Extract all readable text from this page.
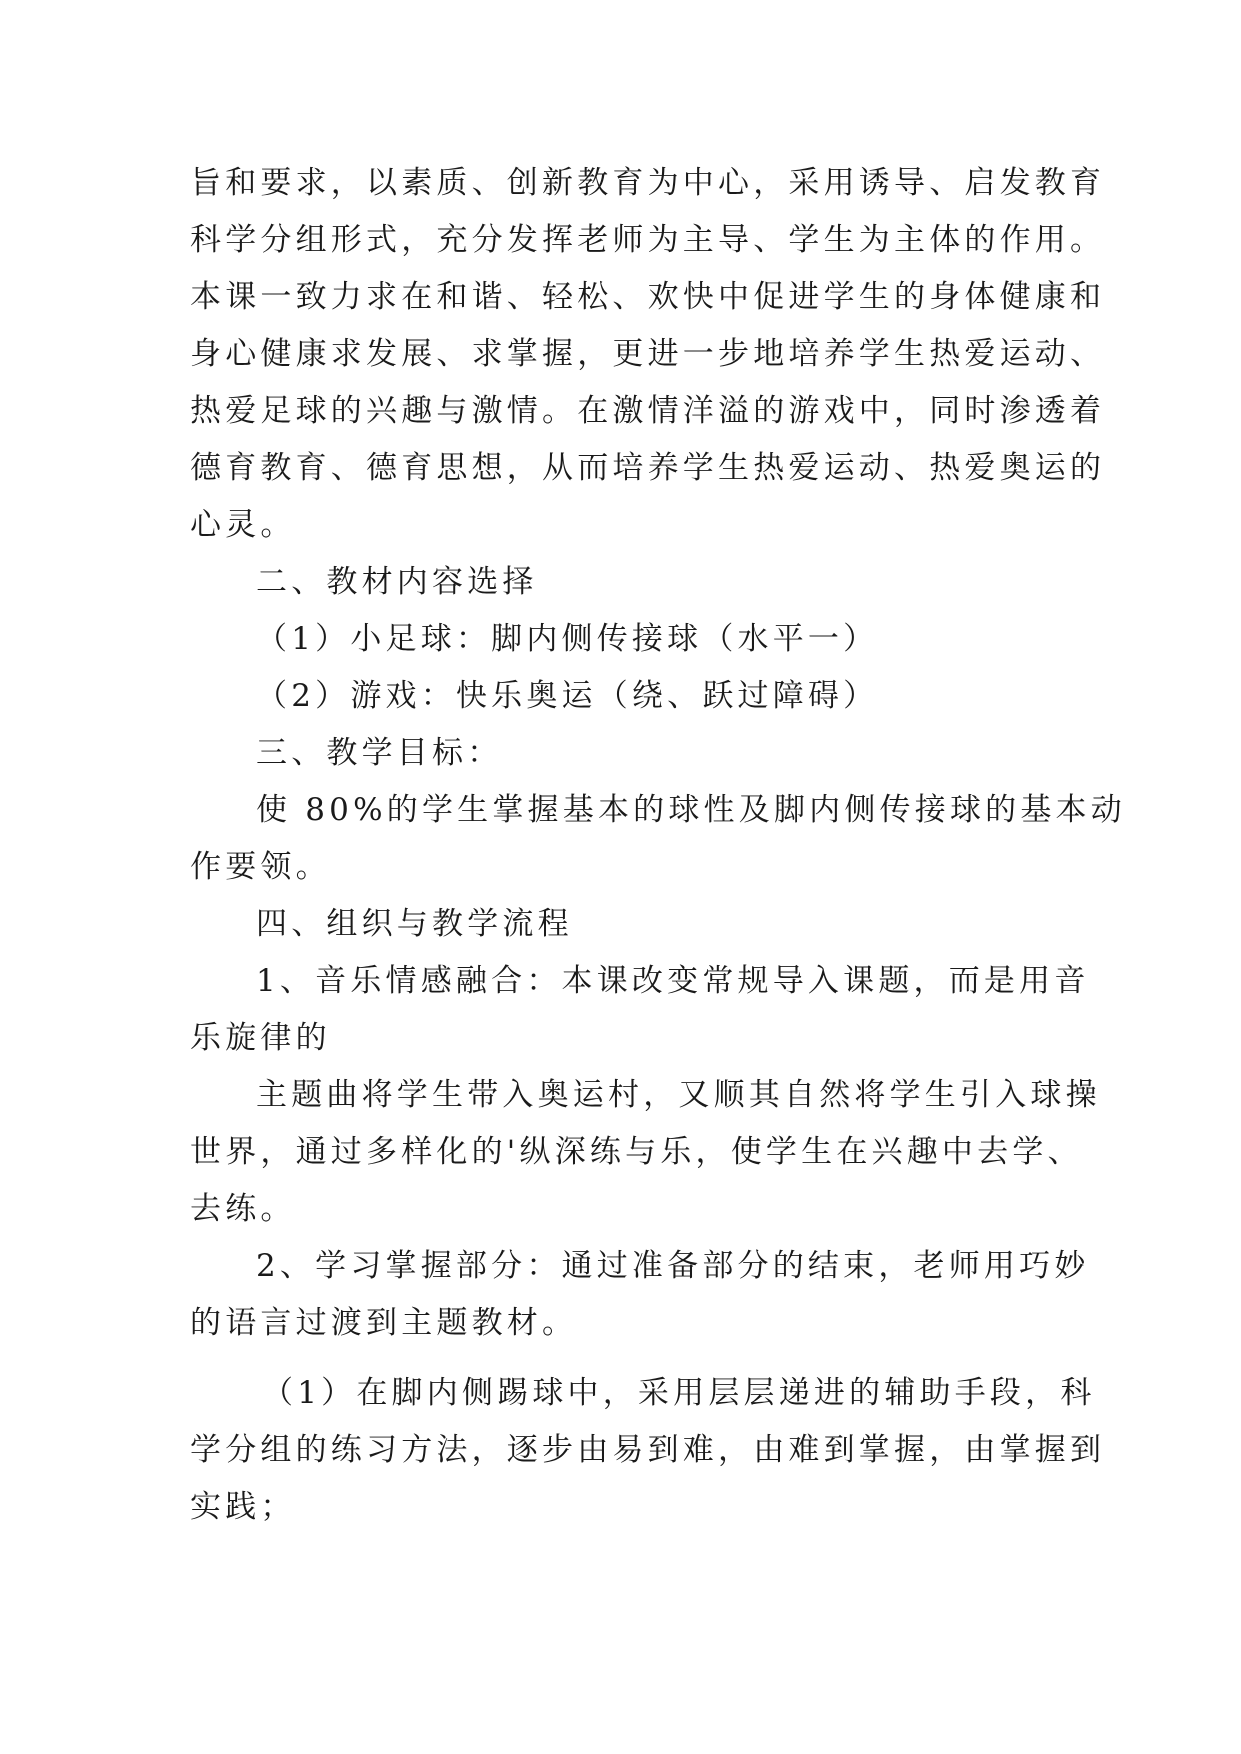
旨和要求，以素质、创新教育为中心，采用诱导、启发教育
科学分组形式，充分发挥老师为主导、学生为主体的作用。
本课一致力求在和谐、轻松、欢快中促进学生的身体健康和
身心健康求发展、求掌握，更进一步地培养学生热爱运动、
热爱足球的兴趣与激情。在激情洋溢的游戏中，同时渗透着
德育教育、德育思想，从而培养学生热爱运动、热爱奥运的
心灵。
二、教材内容选择
（1）小足球：脚内侧传接球（水平一）
（2）游戏：快乐奥运（绕、跃过障碍）
三、教学目标：
使 80%的学生掌握基本的球性及脚内侧传接球的基本动
作要领。
四、组织与教学流程
1、音乐情感融合：本课改变常规导入课题，而是用音
乐旋律的
主题曲将学生带入奥运村，又顺其自然将学生引入球操
世界，通过多样化的'纵深练与乐，使学生在兴趣中去学、
去练。
2、学习掌握部分：通过准备部分的结束，老师用巧妙
的语言过渡到主题教材。
（1）在脚内侧踢球中，采用层层递进的辅助手段，科
学分组的练习方法，逐步由易到难，由难到掌握，由掌握到
实践；
